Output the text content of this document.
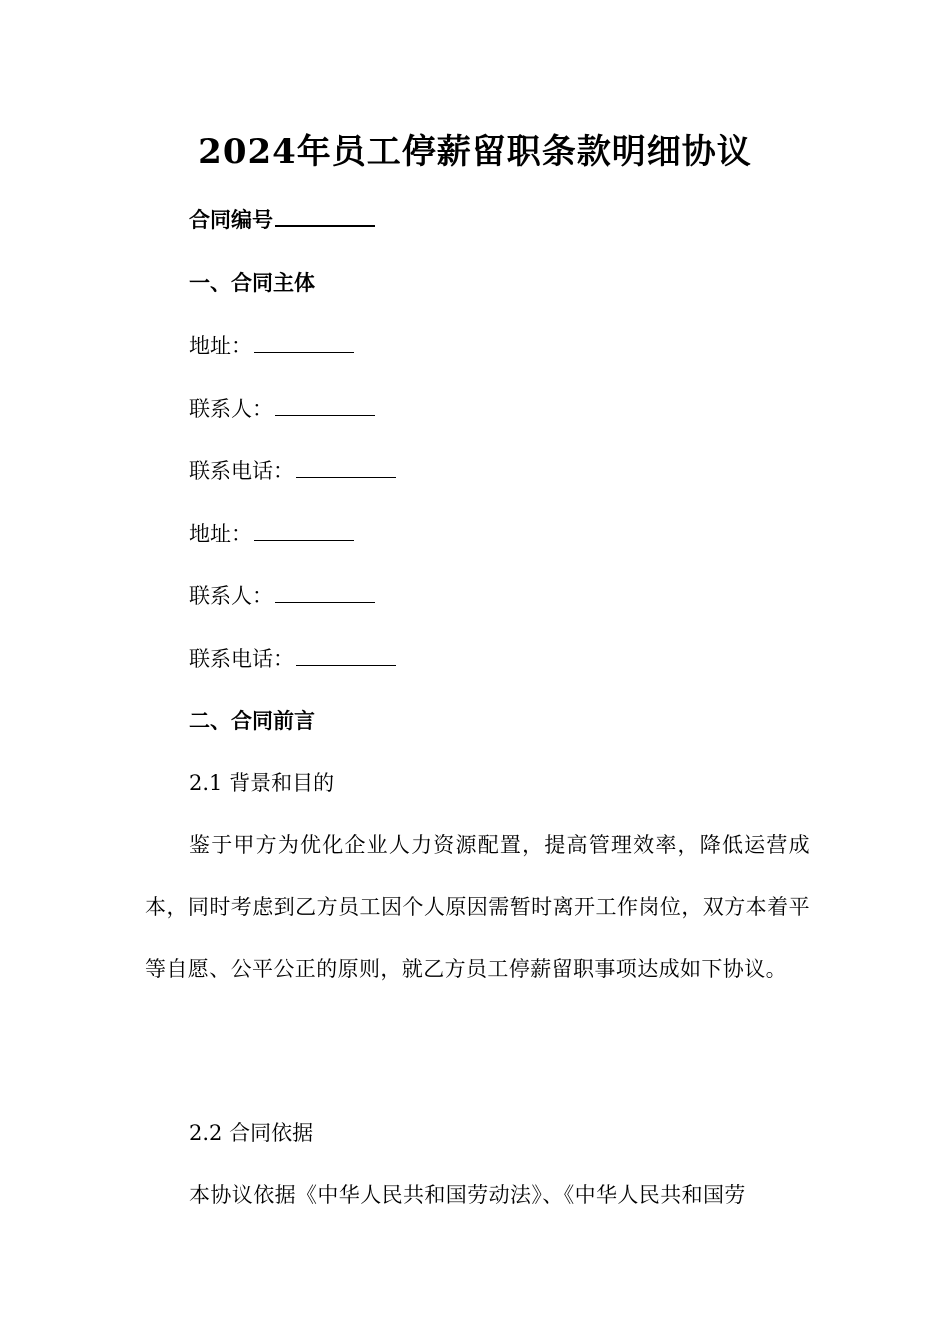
2024年员工停薪留职条款明细协议
合同编号
一、合同主体
地址：
联系人：
联系电话：
地址：
联系人：
联系电话：
二、合同前言
2.1 背景和目的
鉴于甲方为优化企业人力资源配置，提高管理效率，降低运营成本，同时考虑到乙方员工因个人原因需暂时离开工作岗位，双方本着平等自愿、公平公正的原则，就乙方员工停薪留职事项达成如下协议。
2.2 合同依据
本协议依据《中华人民共和国劳动法》、《中华人民共和国劳
